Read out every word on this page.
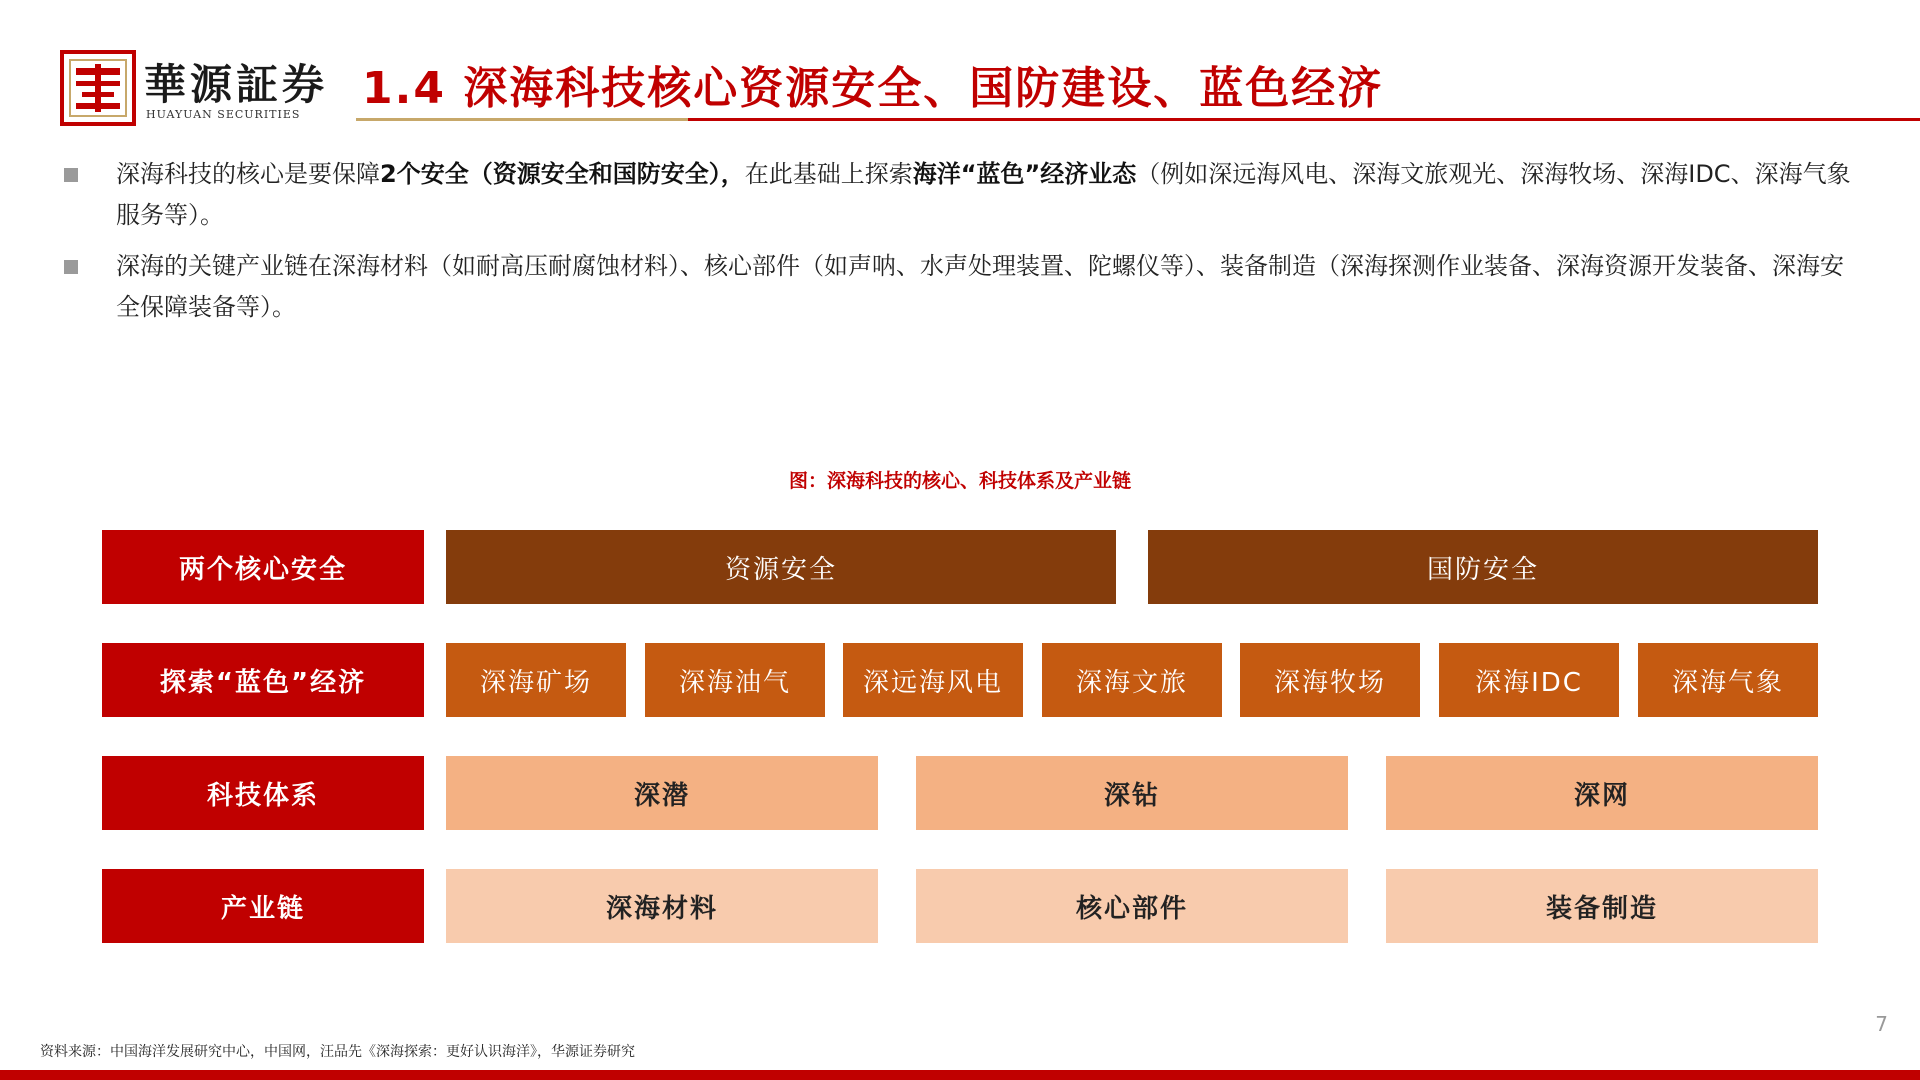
華源証券
HUAYUAN SECURITIES
1.4 深海科技核心资源安全、国防建设、蓝色经济
深海科技的核心是要保障2个安全（资源安全和国防安全），在此基础上探索海洋“蓝色”经济业态（例如深远海风电、深海文旅观光、深海牧场、深海IDC、深海气象服务等）。
深海的关键产业链在深海材料（如耐高压耐腐蚀材料）、核心部件（如声呐、水声处理装置、陀螺仪等）、装备制造（深海探测作业装备、深海资源开发装备、深海安全保障装备等）。
图：深海科技的核心、科技体系及产业链
两个核心安全	资源安全	国防安全
探索“蓝色”经济	深海矿场	深海油气	深远海风电	深海文旅	深海牧场	深海IDC	深海气象
科技体系	深潜	深钻	深网
产业链	深海材料	核心部件	装备制造
7
资料来源：中国海洋发展研究中心，中国网，汪品先《深海探索：更好认识海洋》，华源证券研究
